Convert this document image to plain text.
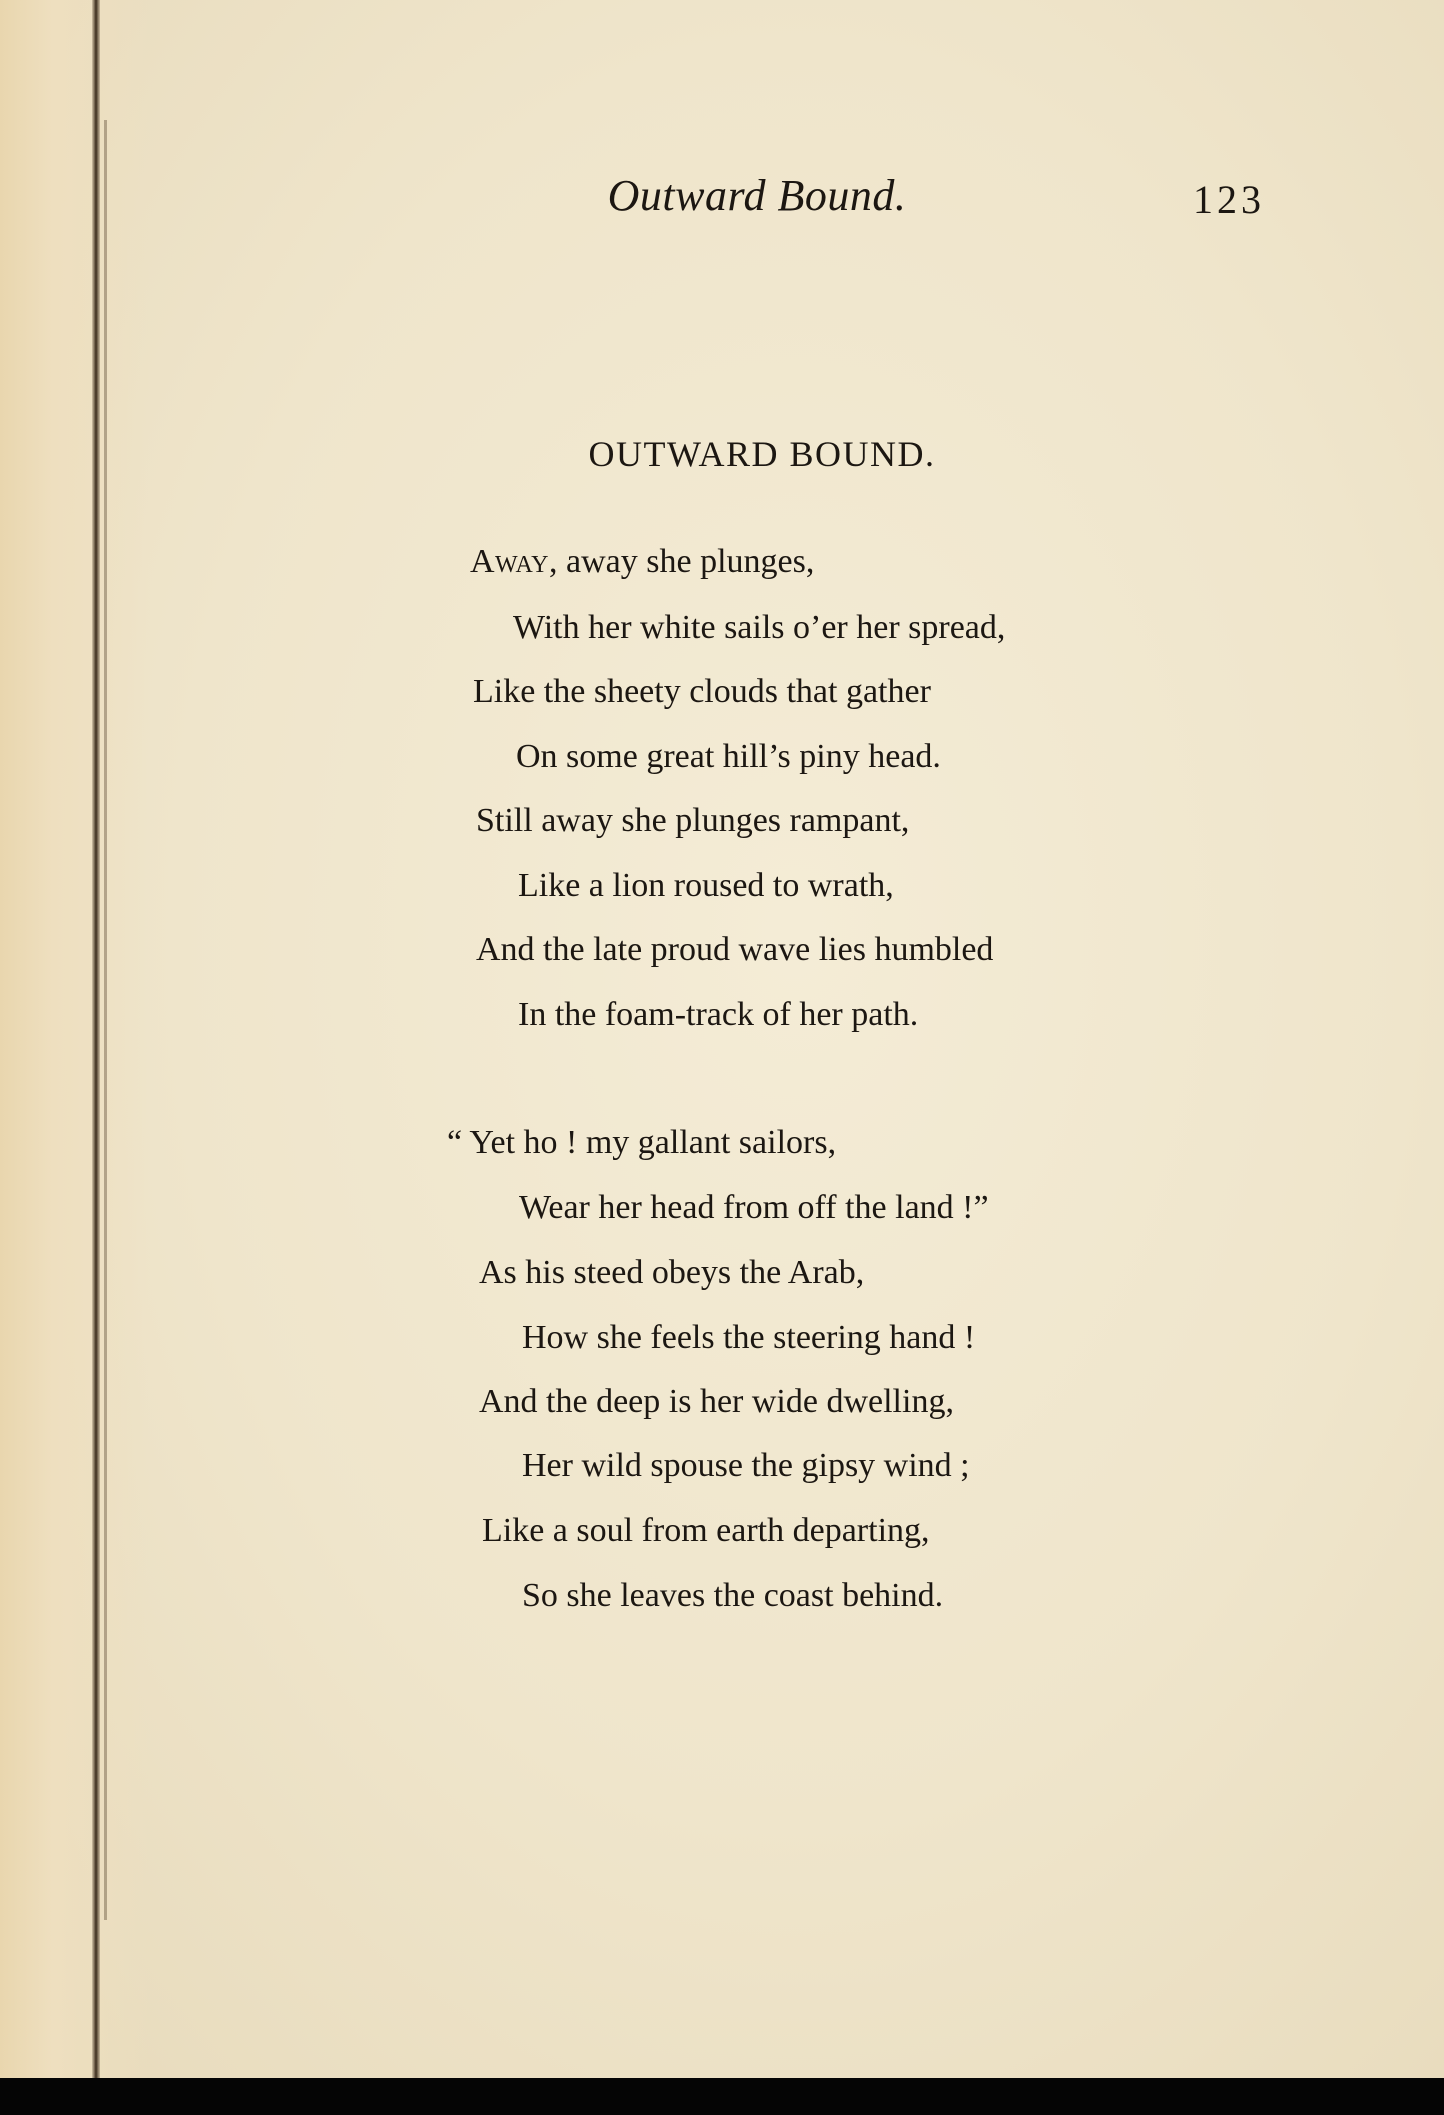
Outward Bound.	123
OUTWARD BOUND.
Away, away she plunges,
With her white sails o’er her spread,
Like the sheety clouds that gather
On some great hill’s piny head.
Still away she plunges rampant,
Like a lion roused to wrath,
And the late proud wave lies humbled
In the foam-track of her path.
“ Yet ho ! my gallant sailors,
Wear her head from off the land !”
As his steed obeys the Arab,
How she feels the steering hand !
And the deep is her wide dwelling,
Her wild spouse the gipsy wind ;
Like a soul from earth departing,
So she leaves the coast behind.
